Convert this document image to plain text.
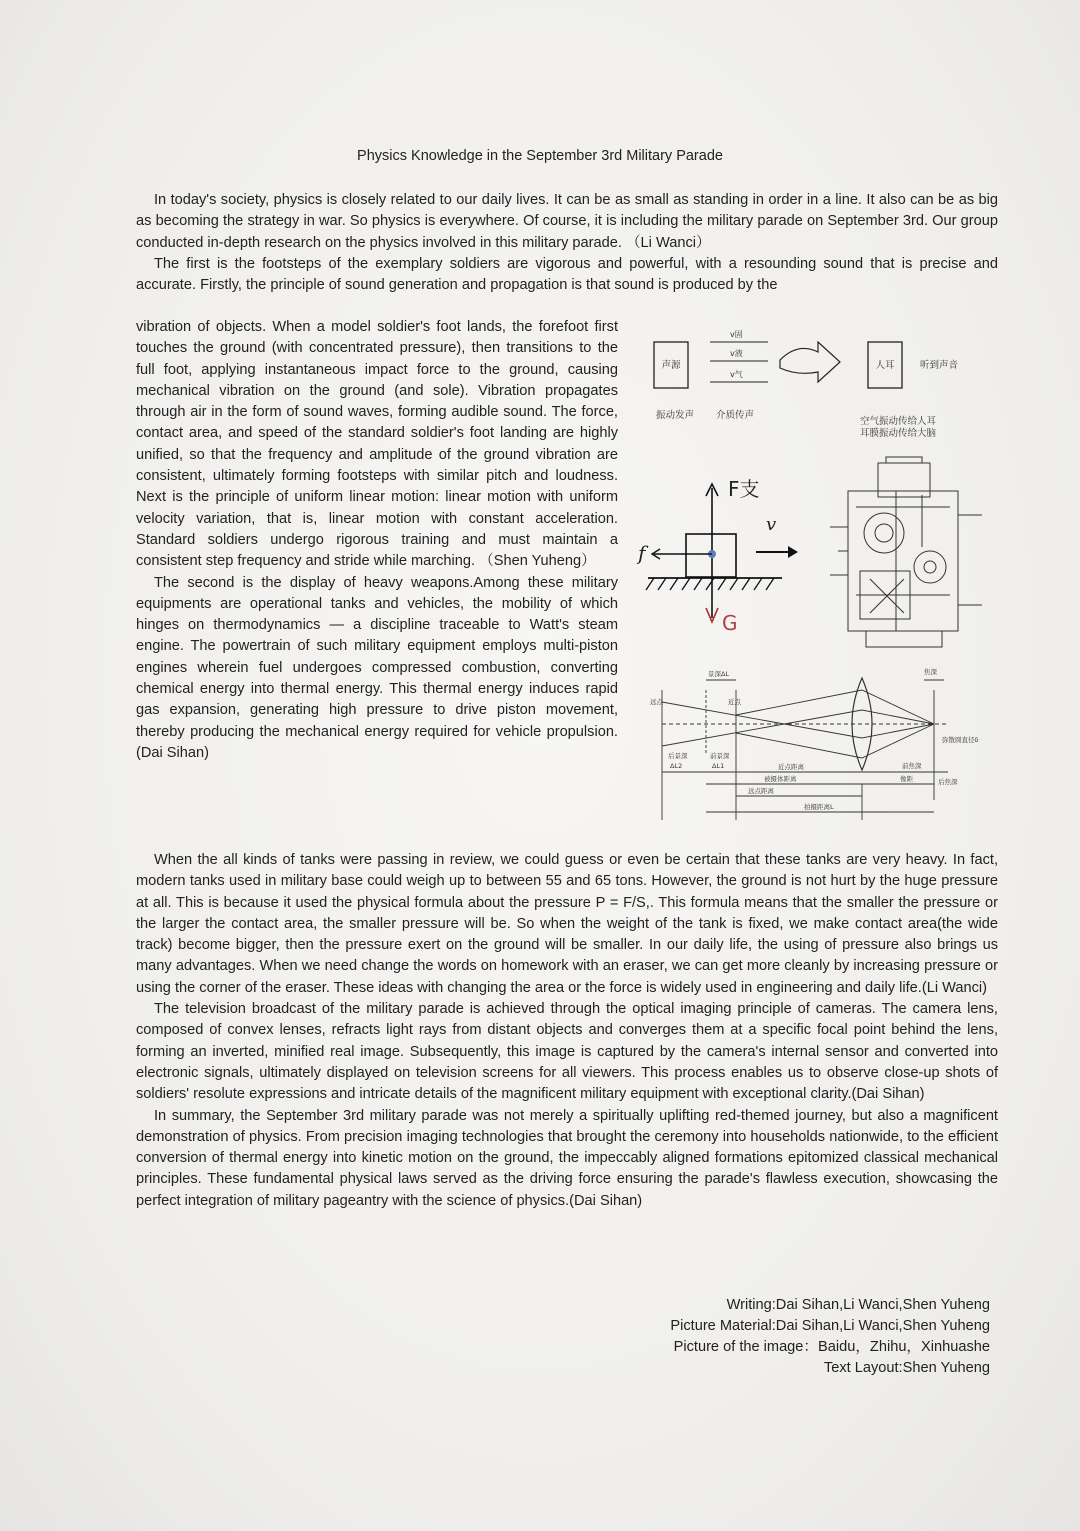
Physics Knowledge in the September 3rd Military Parade

In today's society, physics is closely related to our daily lives. It can be as small as standing in order in a line. It also can be as big as becoming the strategy in war. So physics is everywhere. Of course, it is including the military parade on September 3rd. Our group conducted in-depth research on the physics involved in this military parade. （Li Wanci）

The first is the footsteps of the exemplary soldiers are vigorous and powerful, with a resounding sound that is precise and accurate. Firstly, the principle of sound generation and propagation is that sound is produced by the

vibration of objects. When a model soldier's foot lands, the forefoot first touches the ground (with concentrated pressure), then transitions to the full foot, applying instantaneous impact force to the ground, causing mechanical vibration on the ground (and sole). Vibration propagates through air in the form of sound waves, forming audible sound. The force, contact area, and speed of the standard soldier's foot landing are highly unified, so that the frequency and amplitude of the ground vibration are consistent, ultimately forming footsteps with similar pitch and loudness. Next is the principle of uniform linear motion: linear motion with uniform velocity variation, that is, linear motion with constant acceleration. Standard soldiers undergo rigorous training and must maintain a consistent step frequency and stride while marching. （Shen Yuheng）

The second is the display of heavy weapons.Among these military equipments are operational tanks and vehicles, the mobility of which hinges on thermodynamics — a discipline traceable to Watt's steam engine. The powertrain of such military equipment employs multi-piston engines wherein fuel undergoes compressed combustion, converting chemical energy into thermal energy. This thermal energy induces rapid gas expansion, generating high pressure to drive piston movement, thereby producing the mechanical energy required for vehicle propulsion.(Dai Sihan)

When the all kinds of tanks were passing in review, we could guess or even be certain that these tanks are very heavy. In fact, modern tanks used in military base could weigh up to between 55 and 65 tons. However, the ground is not hurt by the huge pressure at all. This is because it used the physical formula about the pressure P = F/S,. This formula means that the smaller the pressure or the larger the contact area, the smaller pressure will be. So when the weight of the tank is fixed, we make contact area(the wide track) become bigger, then the pressure exert on the ground will be smaller. In our daily life, the using of pressure also brings us many advantages. When we need change the words on homework with an eraser, we can get more cleanly by increasing pressure or using the corner of the eraser. These ideas with changing the area or the force is widely used in engineering and daily life.(Li Wanci)

The television broadcast of the military parade is achieved through the optical imaging principle of cameras. The camera lens, composed of convex lenses, refracts light rays from distant objects and converges them at a specific focal point behind the lens, forming an inverted, minified real image. Subsequently, this image is captured by the camera's internal sensor and converted into electronic signals, ultimately displayed on television screens for all viewers. This process enables us to observe close-up shots of soldiers' resolute expressions and intricate details of the magnificent military equipment with exceptional clarity.(Dai Sihan)

In summary, the September 3rd military parade was not merely a spiritually uplifting red-themed journey, but also a magnificent demonstration of physics. From precision imaging technologies that brought the ceremony into households nationwide, to the efficient conversion of thermal energy into kinetic motion on the ground, the impeccably aligned formations epitomized classical mechanical principles. These fundamental physical laws served as the driving force ensuring the parade's flawless execution, showcasing the perfect integration of military pageantry with the science of physics.(Dai Sihan)

Writing:Dai Sihan,Li Wanci,Shen Yuheng
Picture Material:Dai Sihan,Li Wanci,Shen Yuheng
Picture of the image：Baidu，Zhihu，Xinhuashe
Text Layout:Shen Yuheng
声源
v固
v液
v气
人耳	听到声音
振动发声 介质传声
空气振动传给人耳
耳膜振动传给大脑
F支
f
v
G
景深ΔL	焦深
远点	近点
后景深
ΔL2
前景深
ΔL1	近点距离
被摄体距离
远点距离
拍摄距离L
前焦深
像距	后焦深
弥散圆直径δ
